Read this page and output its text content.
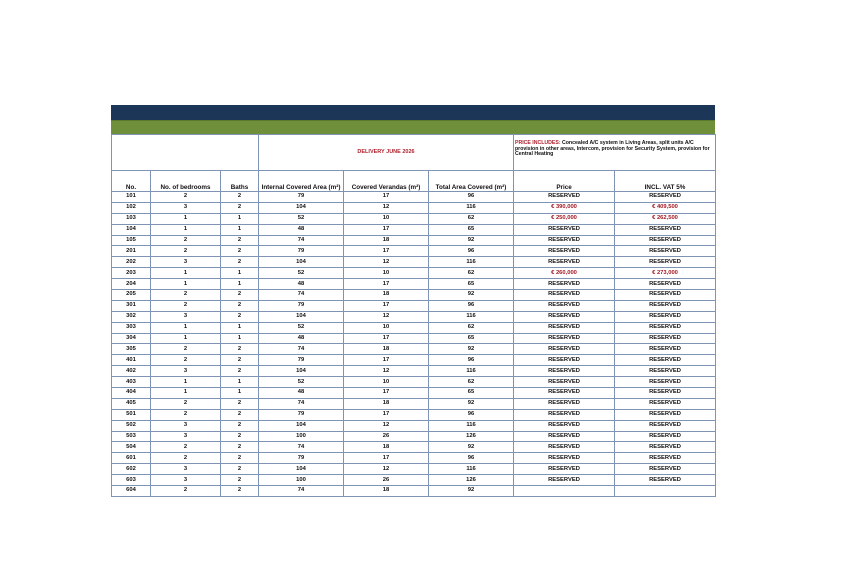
			DELIVERY JUNE 2026			PRICE INCLUDES: Concealed A/C system in Living Areas, split units A/C provision in other areas, Intercom, provision for Security System, provision for Central Heating	
No.	No. of bedrooms	Baths	Internal Covered Area (m²)	Covered Verandas (m²)	Total Area Covered (m²)	Price	INCL. VAT 5%
101	2	2	79	17	96	RESERVED	RESERVED
102	3	2	104	12	116	€ 390,000	€ 409,500
103	1	1	52	10	62	€ 250,000	€ 262,500
104	1	1	48	17	65	RESERVED	RESERVED
105	2	2	74	18	92	RESERVED	RESERVED
201	2	2	79	17	96	RESERVED	RESERVED
202	3	2	104	12	116	RESERVED	RESERVED
203	1	1	52	10	62	€ 260,000	€ 273,000
204	1	1	48	17	65	RESERVED	RESERVED
205	2	2	74	18	92	RESERVED	RESERVED
301	2	2	79	17	96	RESERVED	RESERVED
302	3	2	104	12	116	RESERVED	RESERVED
303	1	1	52	10	62	RESERVED	RESERVED
304	1	1	48	17	65	RESERVED	RESERVED
305	2	2	74	18	92	RESERVED	RESERVED
401	2	2	79	17	96	RESERVED	RESERVED
402	3	2	104	12	116	RESERVED	RESERVED
403	1	1	52	10	62	RESERVED	RESERVED
404	1	1	48	17	65	RESERVED	RESERVED
405	2	2	74	18	92	RESERVED	RESERVED
501	2	2	79	17	96	RESERVED	RESERVED
502	3	2	104	12	116	RESERVED	RESERVED
503	3	2	100	26	126	RESERVED	RESERVED
504	2	2	74	18	92	RESERVED	RESERVED
601	2	2	79	17	96	RESERVED	RESERVED
602	3	2	104	12	116	RESERVED	RESERVED
603	3	2	100	26	126	RESERVED	RESERVED
604	2	2	74	18	92		
